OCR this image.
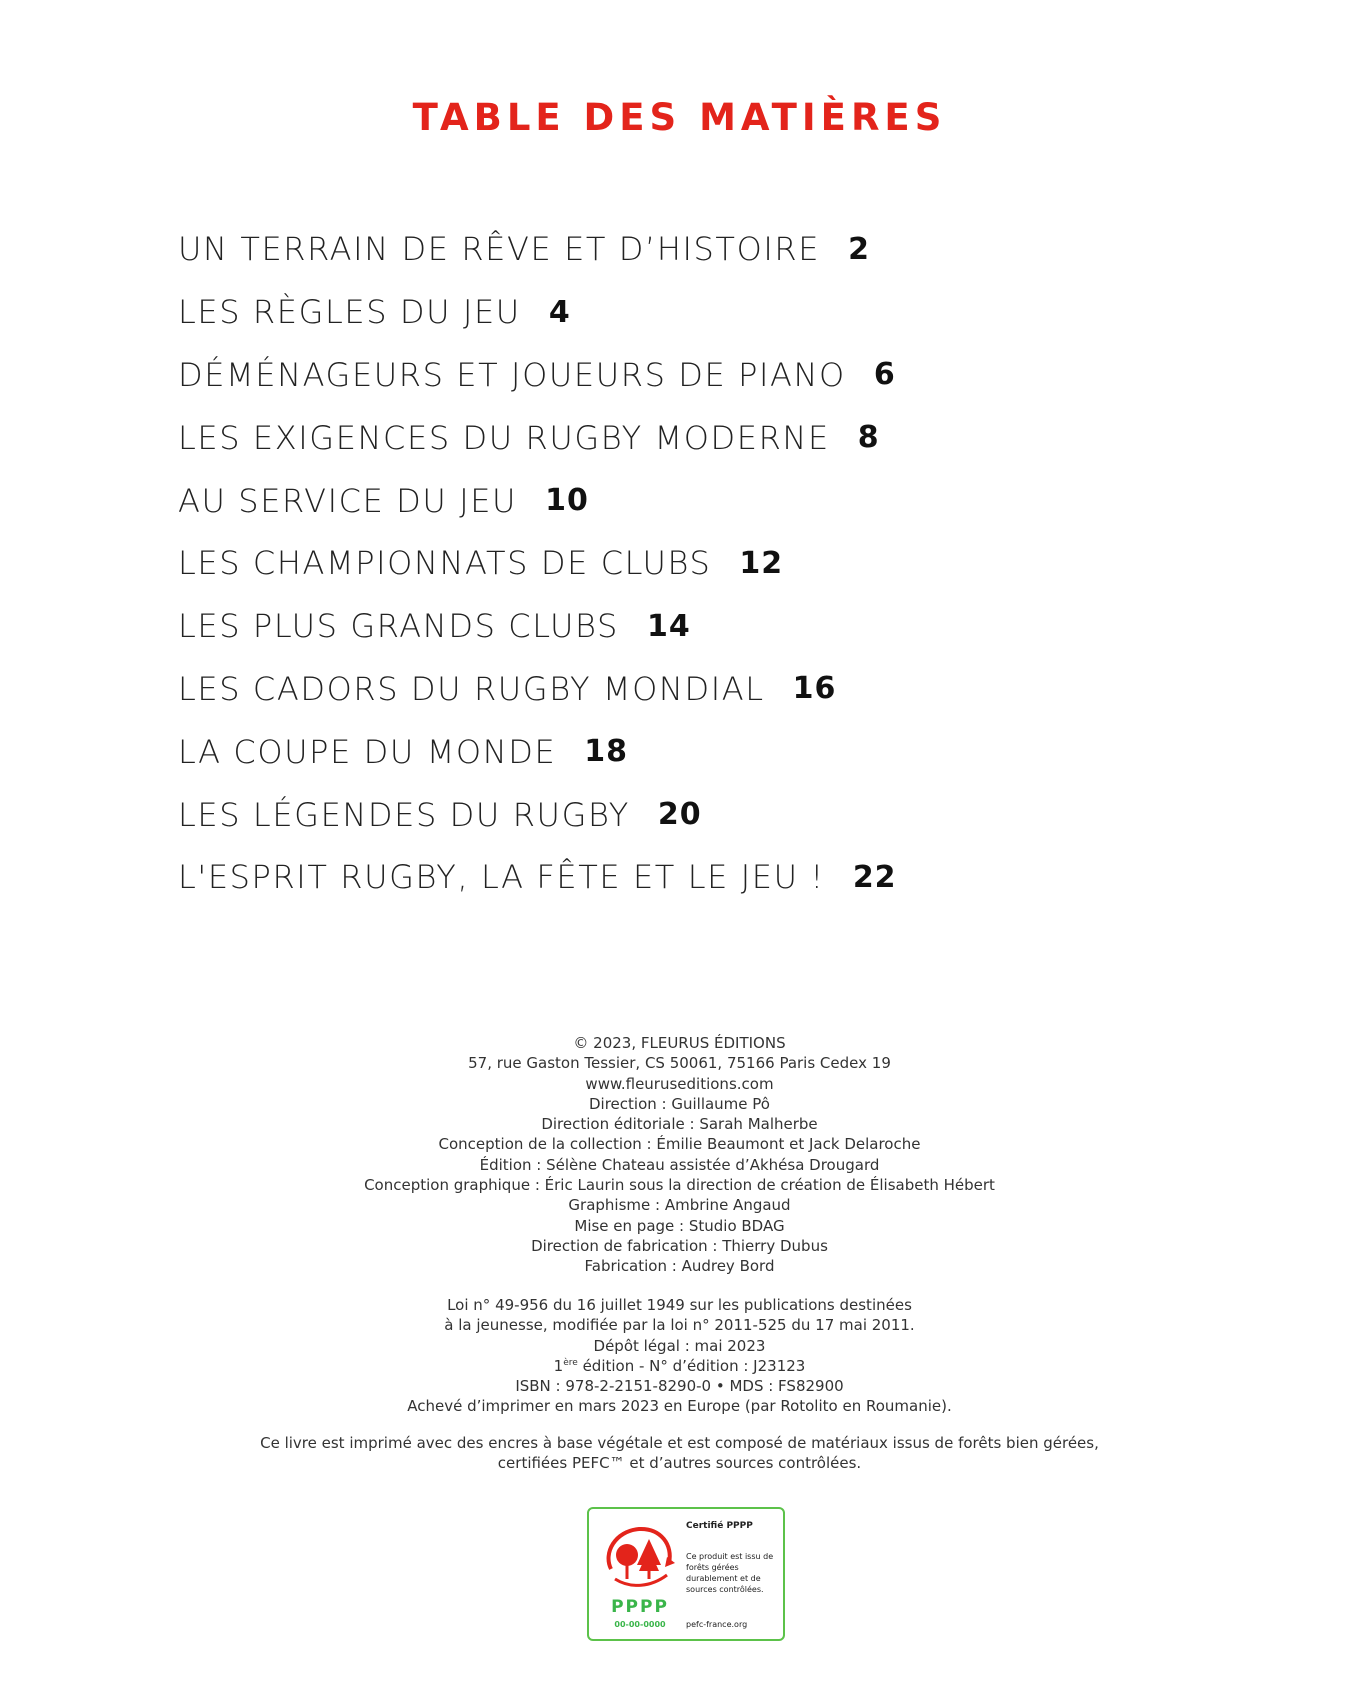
TABLE DES MATIÈRES
UN TERRAIN DE RÊVE ET D’HISTOIRE 2
LES RÈGLES DU JEU 4
DÉMÉNAGEURS ET JOUEURS DE PIANO 6
LES EXIGENCES DU RUGBY MODERNE 8
AU SERVICE DU JEU 10
LES CHAMPIONNATS DE CLUBS 12
LES PLUS GRANDS CLUBS 14
LES CADORS DU RUGBY MONDIAL 16
LA COUPE DU MONDE 18
LES LÉGENDES DU RUGBY 20
L'ESPRIT RUGBY, LA FÊTE ET LE JEU ! 22
© 2023, FLEURUS ÉDITIONS
57, rue Gaston Tessier, CS 50061, 75166 Paris Cedex 19
www.fleuruseditions.com
Direction : Guillaume Pô
Direction éditoriale : Sarah Malherbe
Conception de la collection : Émilie Beaumont et Jack Delaroche
Édition : Sélène Chateau assistée d’Akhésa Drougard
Conception graphique : Éric Laurin sous la direction de création de Élisabeth Hébert
Graphisme : Ambrine Angaud
Mise en page : Studio BDAG
Direction de fabrication : Thierry Dubus
Fabrication : Audrey Bord
Loi n° 49-956 du 16 juillet 1949 sur les publications destinées
à la jeunesse, modifiée par la loi n° 2011-525 du 17 mai 2011.
Dépôt légal : mai 2023
1ère édition - N° d’édition : J23123
ISBN : 978-2-2151-8290-0 • MDS : FS82900
Achevé d’imprimer en mars 2023 en Europe (par Rotolito en Roumanie).
Ce livre est imprimé avec des encres à base végétale et est composé de matériaux issus de forêts bien gérées,
certifiées PEFC™ et d’autres sources contrôlées.
PPPP
00-00-0000
Certifié PPPP
Ce produit est issu de forêts gérées durablement et de sources contrôlées.
pefc-france.org
